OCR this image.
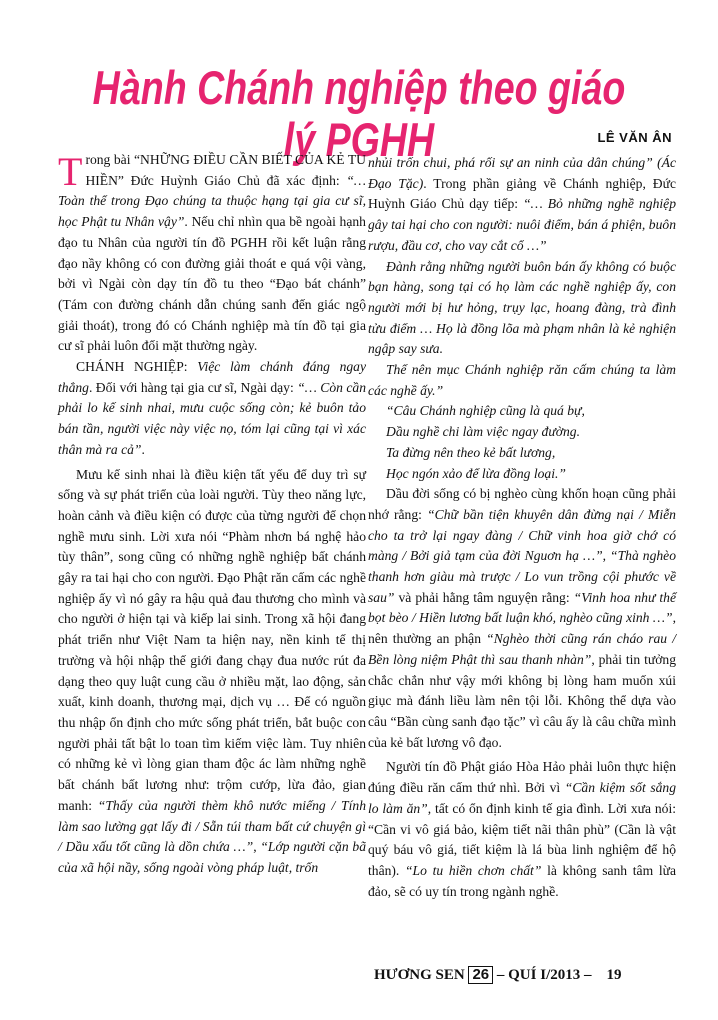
Hành Chánh nghiệp theo giáo lý PGHH	LÊ VĂN ÂN

Trong bài “NHỮNG ĐIỀU CẦN BIẾT CỦA KẺ TU HIỀN” Đức Huỳnh Giáo Chủ đã xác định: “… Toàn thể trong Đạo chúng ta thuộc hạng tại gia cư sĩ, học Phật tu Nhân vậy”. Nếu chỉ nhìn qua bề ngoài hạnh đạo tu Nhân của người tín đồ PGHH rồi kết luận rằng đạo nầy không có con đường giải thoát e quá vội vàng, bởi vì Ngài còn dạy tín đồ tu theo “Đạo bát chánh” (Tám con đường chánh dẫn chúng sanh đến giác ngộ giải thoát), trong đó có Chánh nghiệp mà tín đồ tại gia cư sĩ phải luôn đối mặt thường ngày.

CHÁNH NGHIỆP: Việc làm chánh đáng ngay thẳng. Đối với hàng tại gia cư sĩ, Ngài dạy: “… Còn cần phải lo kế sinh nhai, mưu cuộc sống còn; kẻ buôn tảo bán tần, người việc này việc nọ, tóm lại cũng tại vì xác thân mà ra cả”.

Mưu kế sinh nhai là điều kiện tất yếu để duy trì sự sống và sự phát triển của loài người. Tùy theo năng lực, hoàn cảnh và điều kiện có được của từng người để chọn nghề mưu sinh. Lời xưa nói “Phàm nhơn bá nghệ hảo tùy thân”, song cũng có những nghề nghiệp bất chánh gây ra tai hại cho con người. Đạo Phật răn cấm các nghề nghiệp ấy vì nó gây ra hậu quả đau thương cho mình và cho người ở hiện tại và kiếp lai sinh. Trong xã hội đang phát triển như Việt Nam ta hiện nay, nền kinh tế thị trường và hội nhập thế giới đang chạy đua nước rút đa dạng theo quy luật cung cầu ở nhiều mặt, lao động, sản xuất, kinh doanh, thương mại, dịch vụ … Để có nguồn thu nhập ổn định cho mức sống phát triển, bắt buộc con người phải tất bật lo toan tìm kiếm việc làm. Tuy nhiên có những kẻ vì lòng gian tham độc ác làm những nghề bất chánh bất lương như: trộm cướp, lừa đảo, gian manh: “Thấy của người thèm khô nước miếng / Tính làm sao lường gạt lấy đi / Sẵn túi tham bất cứ chuyện gì / Dầu xấu tốt cũng là dồn chứa …”, “Lớp người cặn bã của xã hội nầy, sống ngoài vòng pháp luật, trốn

nhủi trốn chui, phá rối sự an ninh của dân chúng” (Ác Đạo Tặc). Trong phần giảng về Chánh nghiệp, Đức Huỳnh Giáo Chủ dạy tiếp: “… Bỏ những nghề nghiệp gây tai hại cho con người: nuôi điếm, bán á phiện, buôn rượu, đầu cơ, cho vay cắt cổ …”

Đành rằng những người buôn bán ấy không có buộc bạn hàng, song tại có họ làm các nghề nghiệp ấy, con người mới bị hư hỏng, trụy lạc, hoang đàng, trà đình tửu điếm … Họ là đồng lõa mà phạm nhân là kẻ nghiện ngập say sưa.

Thế nên mục Chánh nghiệp răn cấm chúng ta làm các nghề ấy.”

“Câu Chánh nghiệp cũng là quá bự,

Dầu nghề chi làm việc ngay đường.

Ta đừng nên theo kẻ bất lương,

Học ngón xảo để lừa đồng loại.”

Dầu đời sống có bị nghèo cùng khốn hoạn cũng phải nhớ rằng: “Chữ bần tiện khuyên dân đừng nại / Miễn cho ta trở lại ngay đàng / Chữ vinh hoa giờ chớ có màng / Bởi giả tạm của đời Nguơn hạ …”, “Thà nghèo thanh hơn giàu mà trược / Lo vun trồng cội phước về sau” và phải hằng tâm nguyện rằng: “Vinh hoa như thể bọt bèo / Hiền lương bất luận khó, nghèo cũng xinh …”, nên thường an phận “Nghèo thời cũng rán cháo rau / Bền lòng niệm Phật thì sau thanh nhàn”, phải tin tưởng chắc chắn như vậy mới không bị lòng ham muốn xúi giục mà đánh liều làm nên tội lỗi. Không thể dựa vào câu “Bần cùng sanh đạo tặc” vì câu ấy là câu chữa mình của kẻ bất lương vô đạo.

Người tín đồ Phật giáo Hòa Hảo phải luôn thực hiện đúng điều răn cấm thứ nhì. Bởi vì “Cần kiệm sốt sắng lo làm ăn”, tất có ổn định kinh tế gia đình. Lời xưa nói: “Cần vi vô giá bảo, kiệm tiết nãi thân phù” (Cần là vật quý báu vô giá, tiết kiệm là lá bùa linh nghiệm để hộ thân). “Lo tu hiền chơn chất” là không sanh tâm lừa đảo, sẽ có uy tín trong ngành nghề.

HƯƠNG SEN 26 – QUÍ I/2013 – 19
